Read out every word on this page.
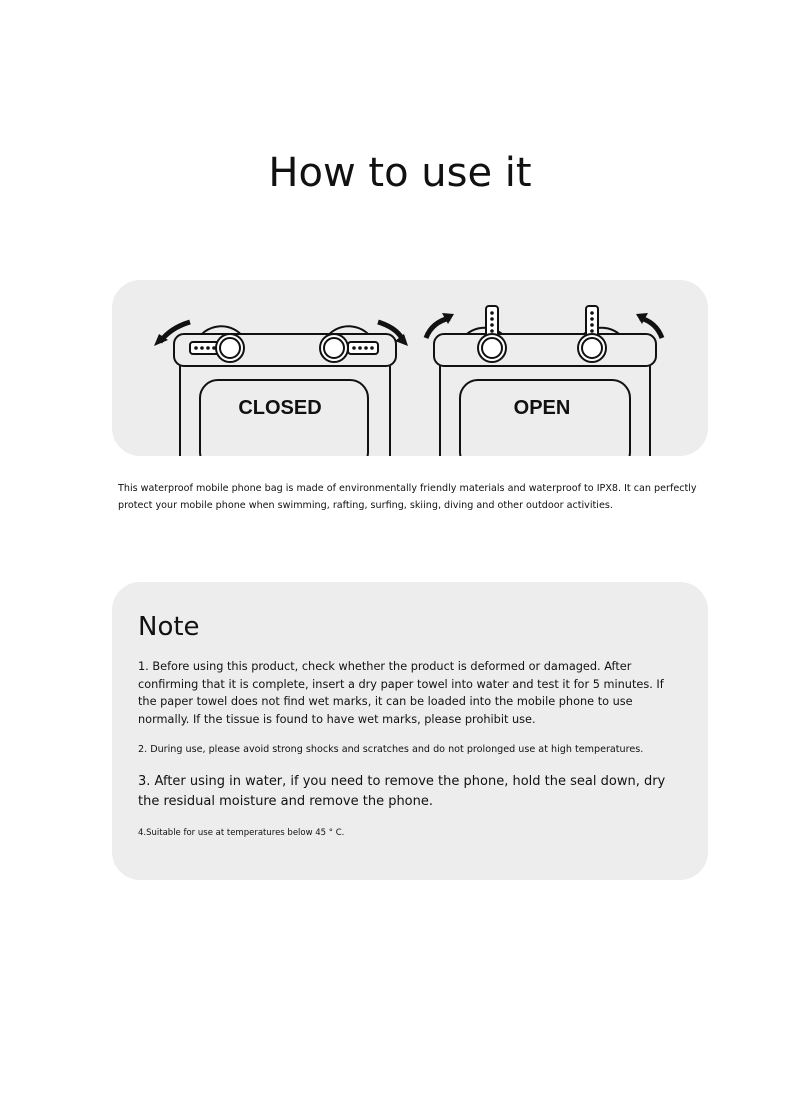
How to use it
CLOSED	OPEN
This waterproof mobile phone bag is made of environmentally friendly materials and waterproof to IPX8. It can perfectly protect your mobile phone when swimming, rafting, surfing, skiing, diving and other outdoor activities.
Note
1. Before using this product, check whether the product is deformed or damaged. After confirming that it is complete, insert a dry paper towel into water and test it for 5 minutes. If the paper towel does not find wet marks, it can be loaded into the mobile phone to use normally. If the tissue is found to have wet marks, please prohibit use.
2. During use, please avoid strong shocks and scratches and do not prolonged use at high temperatures.
3. After using in water, if you need to remove the phone, hold the seal down, dry the residual moisture and remove the phone.
4.Suitable for use at temperatures below 45 ° C.
